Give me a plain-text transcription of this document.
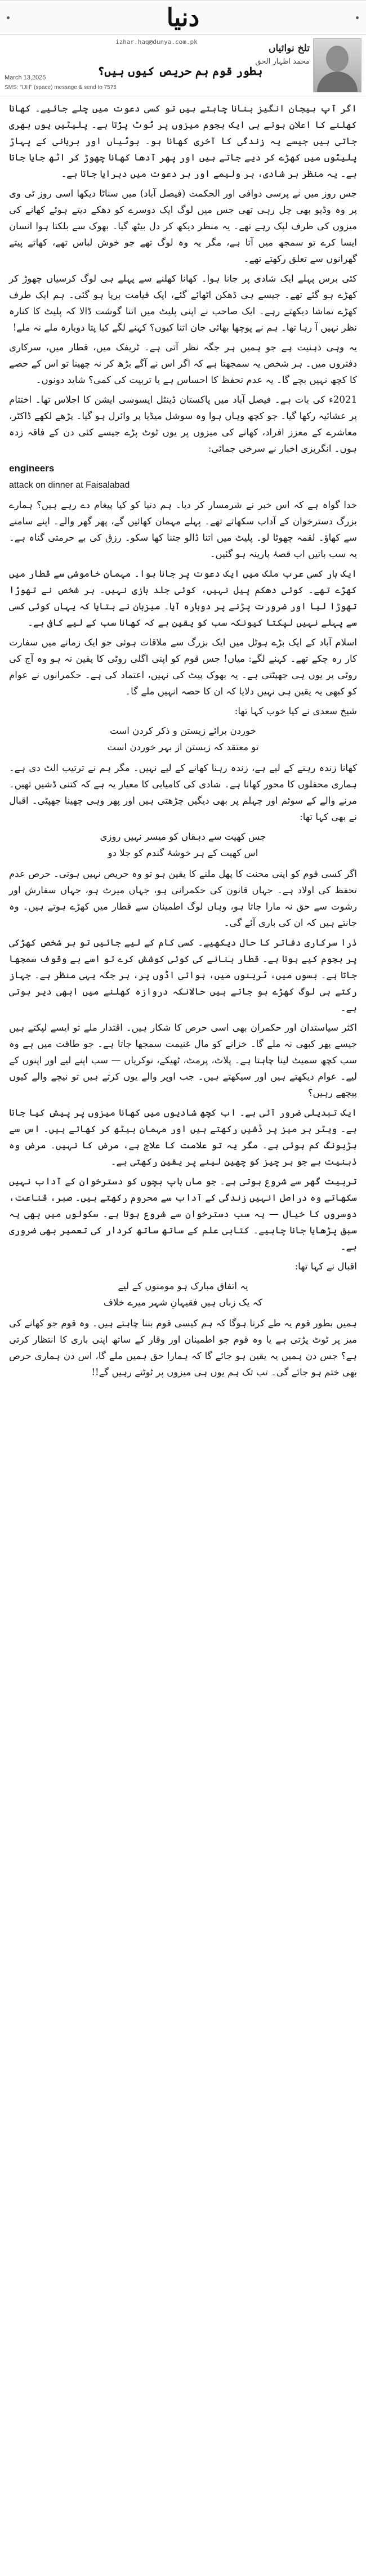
دنیا
تلخ نوائیاں
محمد اظہار الحق
izhar.haq@dunya.com.pk
March 13,2025	بطور قوم ہم حریص کیوں ہیں؟
SMS: "IJH" (space) message & send to 7575

اگر آپ ہیجان انگیز بنانا چاہتے ہیں تو کسی دعوت میں چلے جائیے۔ کھانا کھلنے کا اعلان ہوتے ہی ایک ہجوم میزوں پر ٹوٹ پڑتا ہے۔ پلیٹیں یوں بھری جاتی ہیں جیسے یہ زندگی کا آخری کھانا ہو۔ بوٹیاں اور بریانی کے پہاڑ پلیٹوں میں کھڑے کر دیے جاتے ہیں اور پھر آدھا کھانا چھوڑ کر اٹھ جایا جاتا ہے۔ یہ منظر ہر شادی، ہر ولیمے اور ہر دعوت میں دہرایا جاتا ہے۔

جس روز میں نے پرسی دوافی اور الحکمت (فیصل آباد) میں سناٹا دیکھا اسی روز ٹی وی پر وہ وڈیو بھی چل رہی تھی جس میں لوگ ایک دوسرے کو دھکے دیتے ہوئے کھانے کی میزوں کی طرف لپک رہے تھے۔ یہ منظر دیکھ کر دل بیٹھ گیا۔ بھوک سے بلکتا ہوا انسان ایسا کرے تو سمجھ میں آتا ہے، مگر یہ وہ لوگ تھے جو خوش لباس تھے، کھاتے پیتے گھرانوں سے تعلق رکھتے تھے۔

کئی برس پہلے ایک شادی پر جانا ہوا۔ کھانا کھلنے سے پہلے ہی لوگ کرسیاں چھوڑ کر کھڑے ہو گئے تھے۔ جیسے ہی ڈھکن اٹھائے گئے، ایک قیامت برپا ہو گئی۔ ہم ایک طرف کھڑے تماشا دیکھتے رہے۔ ایک صاحب نے اپنی پلیٹ میں اتنا گوشت ڈالا کہ پلیٹ کا کنارہ نظر نہیں آ رہا تھا۔ ہم نے پوچھا بھائی جان اتنا کیوں؟ کہنے لگے کیا پتا دوبارہ ملے نہ ملے!

یہ وہی ذہنیت ہے جو ہمیں ہر جگہ نظر آتی ہے۔ ٹریفک میں، قطار میں، سرکاری دفتروں میں۔ ہر شخص یہ سمجھتا ہے کہ اگر اس نے آگے بڑھ کر نہ چھینا تو اس کے حصے کا کچھ نہیں بچے گا۔ یہ عدم تحفظ کا احساس ہے یا تربیت کی کمی؟ شاید دونوں۔

2021ء کی بات ہے۔ فیصل آباد میں پاکستان ڈینٹل ایسوسی ایشن کا اجلاس تھا۔ اختتام پر عشائیہ رکھا گیا۔ جو کچھ وہاں ہوا وہ سوشل میڈیا پر وائرل ہو گیا۔ پڑھے لکھے ڈاکٹر، معاشرے کے معزز افراد، کھانے کی میزوں پر یوں ٹوٹ پڑے جیسے کئی دن کے فاقہ زدہ ہوں۔ انگریزی اخبار نے سرخی جمائی:

engineers
attack on dinner at Faisalabad

خدا گواہ ہے کہ اس خبر نے شرمسار کر دیا۔ ہم دنیا کو کیا پیغام دے رہے ہیں؟ ہمارے بزرگ دسترخوان کے آداب سکھاتے تھے۔ پہلے مہمان کھائیں گے، پھر گھر والے۔ اپنے سامنے سے کھاؤ۔ لقمہ چھوٹا لو۔ پلیٹ میں اتنا ڈالو جتنا کھا سکو۔ رزق کی بے حرمتی گناہ ہے۔ یہ سب باتیں اب قصۂ پارینہ ہو گئیں۔

ایک بار کسی عرب ملک میں ایک دعوت پر جانا ہوا۔ مہمان خاموشی سے قطار میں کھڑے تھے۔ کوئی دھکم پیل نہیں، کوئی جلد بازی نہیں۔ ہر شخص نے تھوڑا تھوڑا لیا اور ضرورت پڑنے پر دوبارہ آیا۔ میزبان نے بتایا کہ یہاں کوئی کسی سے پہلے نہیں لپکتا کیونکہ سب کو یقین ہے کہ کھانا سب کے لیے کافی ہے۔

اسلام آباد کے ایک بڑے ہوٹل میں ایک بزرگ سے ملاقات ہوئی جو ایک زمانے میں سفارت کار رہ چکے تھے۔ کہنے لگے: میاں! جس قوم کو اپنی اگلی روٹی کا یقین نہ ہو وہ آج کی روٹی پر یوں ہی جھپٹتی ہے۔ یہ بھوک پیٹ کی نہیں، اعتماد کی ہے۔ حکمرانوں نے عوام کو کبھی یہ یقین ہی نہیں دلایا کہ ان کا حصہ انہیں ملے گا۔

شیخ سعدی نے کیا خوب کہا تھا:

خوردن برائے زیستن و ذکر کردن است
تو معتقد کہ زیستن از بہر خوردن است

کھانا زندہ رہنے کے لیے ہے، زندہ رہنا کھانے کے لیے نہیں۔ مگر ہم نے ترتیب الٹ دی ہے۔ ہماری محفلوں کا محور کھانا ہے۔ شادی کی کامیابی کا معیار یہ ہے کہ کتنی ڈشیں تھیں۔ مرنے والے کے سوئم اور چہلم پر بھی دیگیں چڑھتی ہیں اور پھر وہی چھینا جھپٹی۔ اقبال نے بھی کہا تھا:

جس کھیت سے دہقاں کو میسر نہیں روزی
اس کھیت کے ہر خوشۂ گندم کو جلا دو

اگر کسی قوم کو اپنی محنت کا پھل ملنے کا یقین ہو تو وہ حریص نہیں ہوتی۔ حرص عدم تحفظ کی اولاد ہے۔ جہاں قانون کی حکمرانی ہو، جہاں میرٹ ہو، جہاں سفارش اور رشوت سے حق نہ مارا جاتا ہو، وہاں لوگ اطمینان سے قطار میں کھڑے ہوتے ہیں۔ وہ جانتے ہیں کہ ان کی باری آئے گی۔

ذرا سرکاری دفاتر کا حال دیکھیے۔ کسی کام کے لیے جائیں تو ہر شخص کھڑکی پر ہجوم کیے ہوتا ہے۔ قطار بنانے کی کوئی کوشش کرے تو اسے بے وقوف سمجھا جاتا ہے۔ بسوں میں، ٹرینوں میں، ہوائی اڈوں پر، ہر جگہ یہی منظر ہے۔ جہاز رکتے ہی لوگ کھڑے ہو جاتے ہیں حالانکہ دروازہ کھلنے میں ابھی دیر ہوتی ہے۔

اکثر سیاستدان اور حکمران بھی اسی حرص کا شکار ہیں۔ اقتدار ملے تو ایسے لپکتے ہیں جیسے پھر کبھی نہ ملے گا۔ خزانے کو مال غنیمت سمجھا جاتا ہے۔ جو طاقت میں ہے وہ سب کچھ سمیٹ لینا چاہتا ہے۔ پلاٹ، پرمٹ، ٹھیکے، نوکریاں — سب اپنے لیے اور اپنوں کے لیے۔ عوام دیکھتے ہیں اور سیکھتے ہیں۔ جب اوپر والے یوں کرتے ہیں تو نیچے والے کیوں پیچھے رہیں؟

ایک تبدیلی ضرور آئی ہے۔ اب کچھ شادیوں میں کھانا میزوں پر پیش کیا جاتا ہے۔ ویٹر ہر میز پر ڈشیں رکھتے ہیں اور مہمان بیٹھ کر کھاتے ہیں۔ اس سے ہڑبونگ کم ہوئی ہے۔ مگر یہ تو علامت کا علاج ہے، مرض کا نہیں۔ مرض وہ ذہنیت ہے جو ہر چیز کو چھین لینے پر یقین رکھتی ہے۔

تربیت گھر سے شروع ہوتی ہے۔ جو ماں باپ بچوں کو دسترخوان کے آداب نہیں سکھاتے وہ دراصل انہیں زندگی کے آداب سے محروم رکھتے ہیں۔ صبر، قناعت، دوسروں کا خیال — یہ سب دسترخوان سے شروع ہوتا ہے۔ سکولوں میں بھی یہ سبق پڑھایا جانا چاہیے۔ کتابی علم کے ساتھ ساتھ کردار کی تعمیر بھی ضروری ہے۔

اقبال نے کہا تھا:

یہ اتفاق مبارک ہو مومنوں کے لیے
کہ یک زباں ہیں فقیہانِ شہر میرے خلاف

ہمیں بطور قوم یہ طے کرنا ہوگا کہ ہم کیسی قوم بننا چاہتے ہیں۔ وہ قوم جو کھانے کی میز پر ٹوٹ پڑتی ہے یا وہ قوم جو اطمینان اور وقار کے ساتھ اپنی باری کا انتظار کرتی ہے؟ جس دن ہمیں یہ یقین ہو جائے گا کہ ہمارا حق ہمیں ملے گا، اس دن ہماری حرص بھی ختم ہو جائے گی۔ تب تک ہم یوں ہی میزوں پر ٹوٹتے رہیں گے!!
